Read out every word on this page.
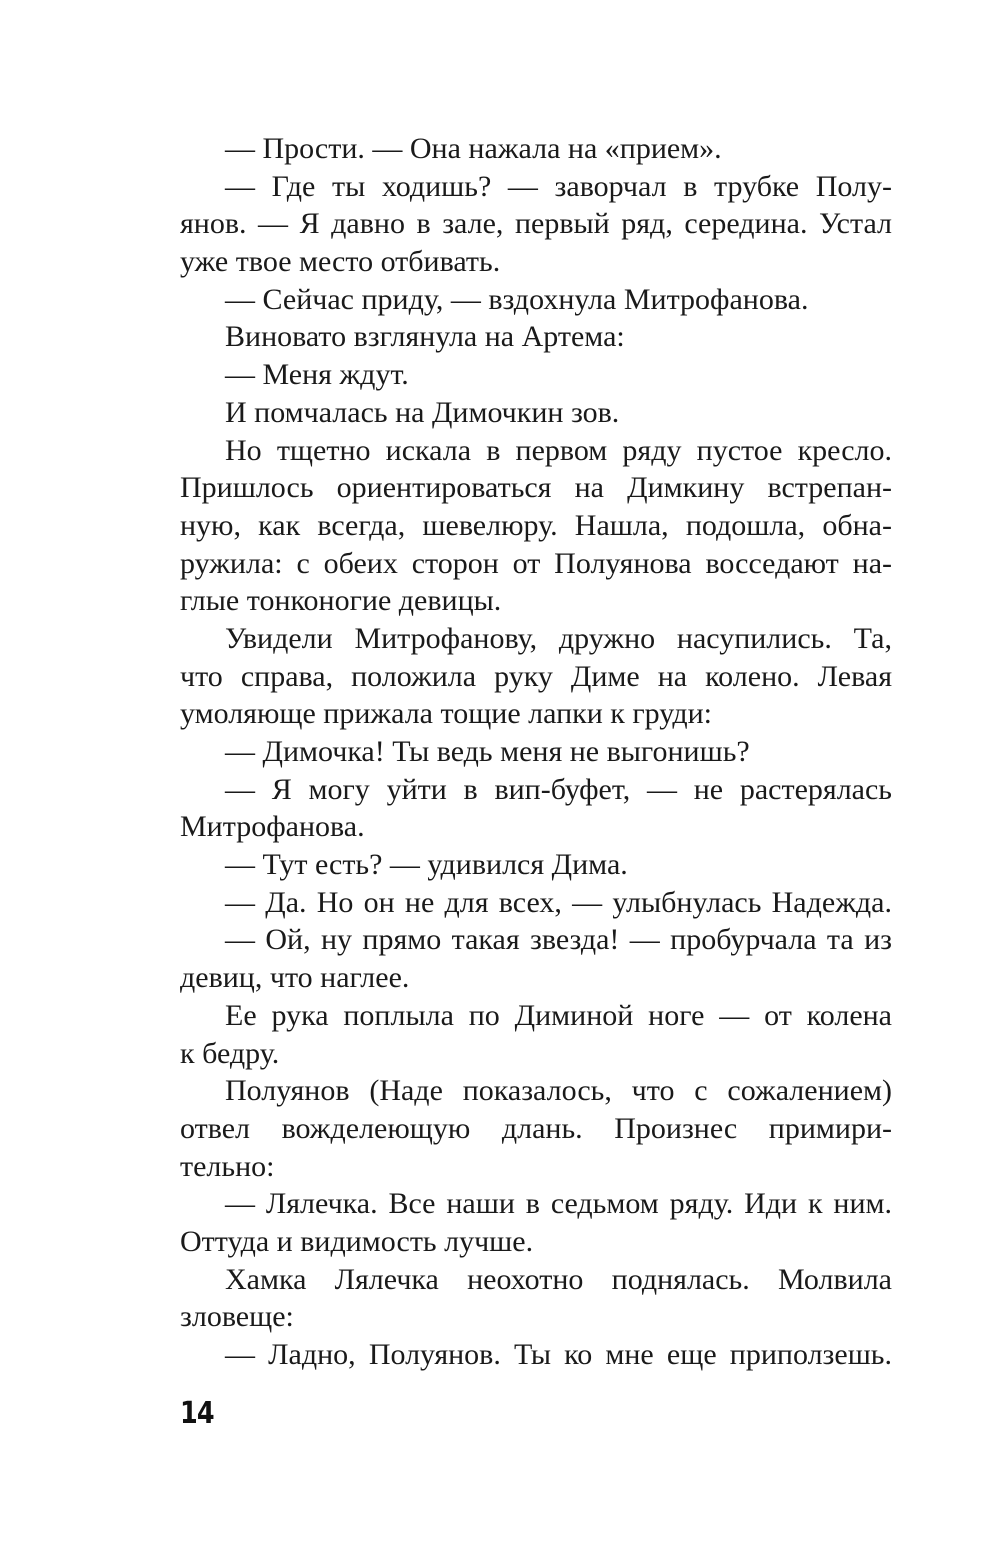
— Прости. — Она нажала на «прием».
— Где ты ходишь? — заворчал в трубке Полу-
янов. — Я давно в зале, первый ряд, середина. Устал
уже твое место отбивать.
— Сейчас приду, — вздохнула Митрофанова.
Виновато взглянула на Артема:
— Меня ждут.
И помчалась на Димочкин зов.
Но тщетно искала в первом ряду пустое кресло.
Пришлось ориентироваться на Димкину встрепан-
ную, как всегда, шевелюру. Нашла, подошла, обна-
ружила: с обеих сторон от Полуянова восседают на-
глые тонконогие девицы.
Увидели Митрофанову, дружно насупились. Та,
что справа, положила руку Диме на колено. Левая
умоляюще прижала тощие лапки к груди:
— Димочка! Ты ведь меня не выгонишь?
— Я могу уйти в вип-буфет, — не растерялась
Митрофанова.
— Тут есть? — удивился Дима.
— Да. Но он не для всех, — улыбнулась Надежда.
— Ой, ну прямо такая звезда! — пробурчала та из
девиц, что наглее.
Ее рука поплыла по Диминой ноге — от колена
к бедру.
Полуянов (Наде показалось, что с сожалением)
отвел вожделеющую длань. Произнес примири-
тельно:
— Лялечка. Все наши в седьмом ряду. Иди к ним.
Оттуда и видимость лучше.
Хамка Лялечка неохотно поднялась. Молвила
зловеще:
— Ладно, Полуянов. Ты ко мне еще приползешь.
14
